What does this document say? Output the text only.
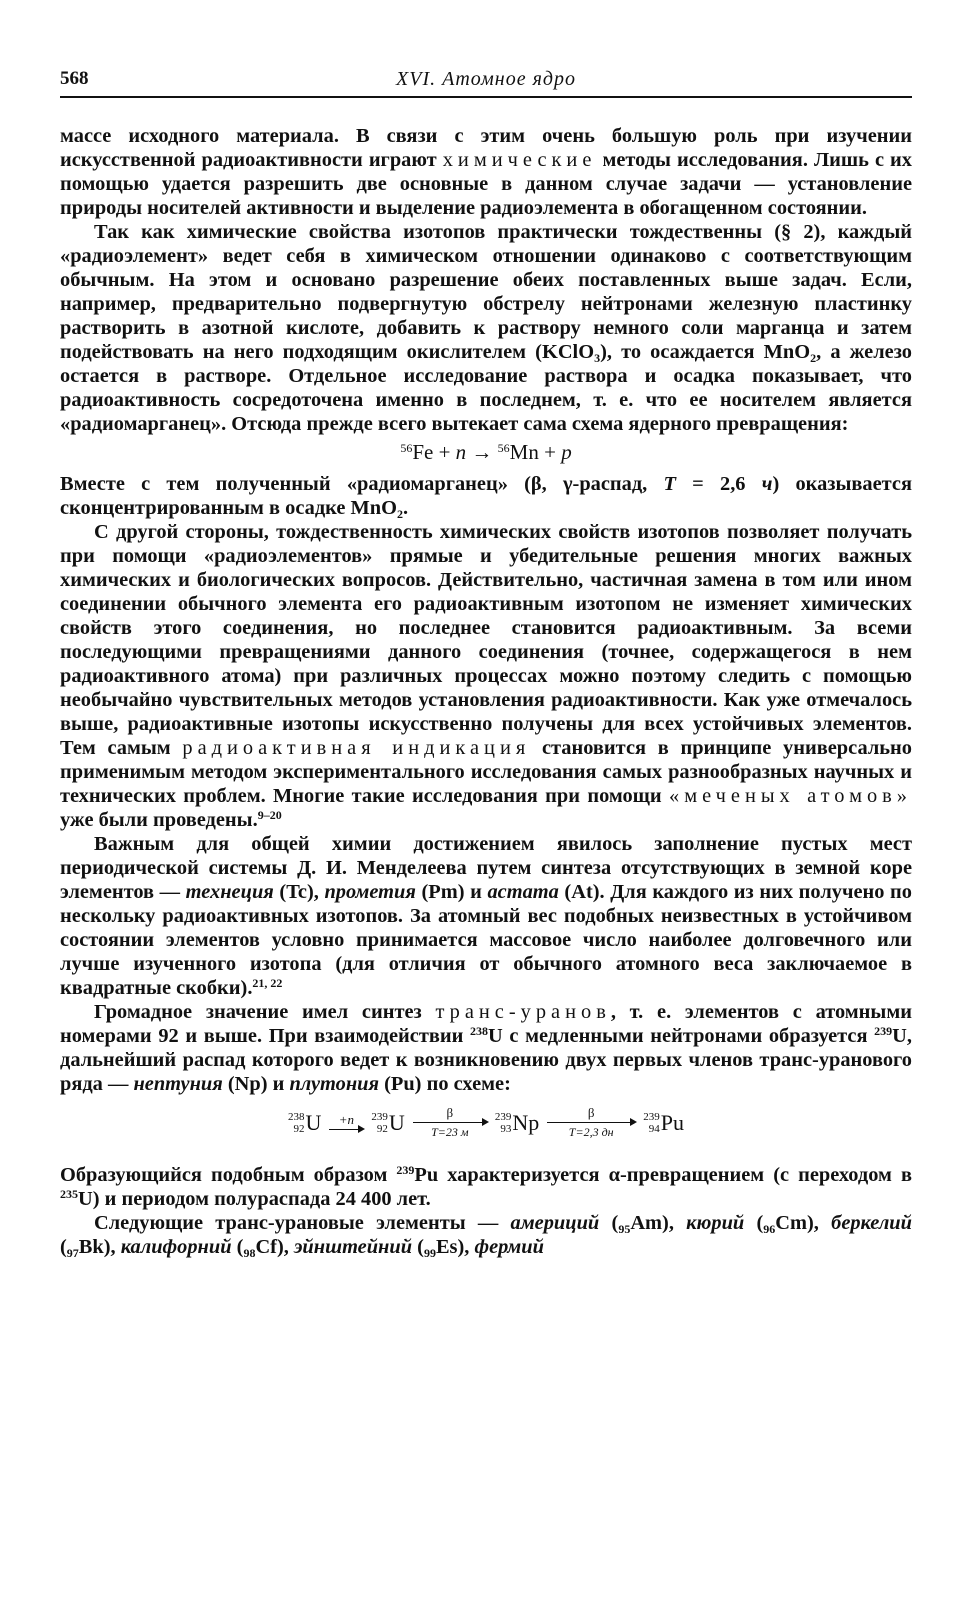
568	XVI. Атомное ядро

массе исходного материала. В связи с этим очень большую роль при изучении искусственной радиоактивности играют химические методы исследования. Лишь с их помощью удается разрешить две основные в данном случае задачи — установление природы носителей активности и выделение радиоэлемента в обогащенном состоянии.

Так как химические свойства изотопов практически тождественны (§ 2), каждый «радиоэлемент» ведет себя в химическом отношении одинаково с соответствующим обычным. На этом и основано разрешение обеих поставленных выше задач. Если, например, предварительно подвергнутую обстрелу нейтронами железную пластинку растворить в азотной кислоте, добавить к раствору немного соли марганца и затем подействовать на него подходящим окислителем (KClO$_3$), то осаждается MnO$_2$, а железо остается в растворе. Отдельное исследование раствора и осадка показывает, что радиоактивность сосредоточена именно в последнем, т. е. что ее носителем является «радиомарганец». Отсюда прежде всего вытекает сама схема ядерного превращения:

$^{56}$Fe + n → $^{56}$Mn + p

Вместе с тем полученный «радиомарганец» (β, γ-распад, T = 2,6 ч) оказывается сконцентрированным в осадке MnO$_2$.

С другой стороны, тождественность химических свойств изотопов позволяет получать при помощи «радиоэлементов» прямые и убедительные решения многих важных химических и биологических вопросов. Действительно, частичная замена в том или ином соединении обычного элемента его радиоактивным изотопом не изменяет химических свойств этого соединения, но последнее становится радиоактивным. За всеми последующими превращениями данного соединения (точнее, содержащегося в нем радиоактивного атома) при различных процессах можно поэтому следить с помощью необычайно чувствительных методов установления радиоактивности. Как уже отмечалось выше, радиоактивные изотопы искусственно получены для всех устойчивых элементов. Тем самым радиоактивная индикация становится в принципе универсально применимым методом экспериментального исследования самых разнообразных научных и технических проблем. Многие такие исследования при помощи «меченых атомов» уже были проведены.$^{9-20}$

Важным для общей химии достижением явилось заполнение пустых мест периодической системы Д. И. Менделеева путем синтеза отсутствующих в земной коре элементов — технеция (Tc), прометия (Pm) и астата (At). Для каждого из них получено по нескольку радиоактивных изотопов. За атомный вес подобных неизвестных в устойчивом состоянии элементов условно принимается массовое число наиболее долговечного или лучше изученного изотопа (для отличия от обычного атомного веса заключаемое в квадратные скобки).$^{21, 22}$

Громадное значение имел синтез транс-уранов, т. е. элементов с атомными номерами 92 и выше. При взаимодействии $^{238}$U с медленными нейтронами образуется $^{239}$U, дальнейший распад которого ведет к возникновению двух первых членов транс-уранового ряда — нептуния (Np) и плутония (Pu) по схеме:

238
92 U +n 239
92 U	β
T=23 м
239
93 Np	β
T=2,3 дн
239
94 Pu

Образующийся подобным образом $^{239}$Pu характеризуется α-превращением (с переходом в $^{235}$U) и периодом полураспада 24 400 лет.

Следующие транс-урановые элементы — америций $(_{95}Am)$, кюрий $(_{96}Cm)$, беркелий $(_{97}Bk)$, калифорний $(_{98}Cf)$, эйнштейний $(_{99}Es)$, фермий
